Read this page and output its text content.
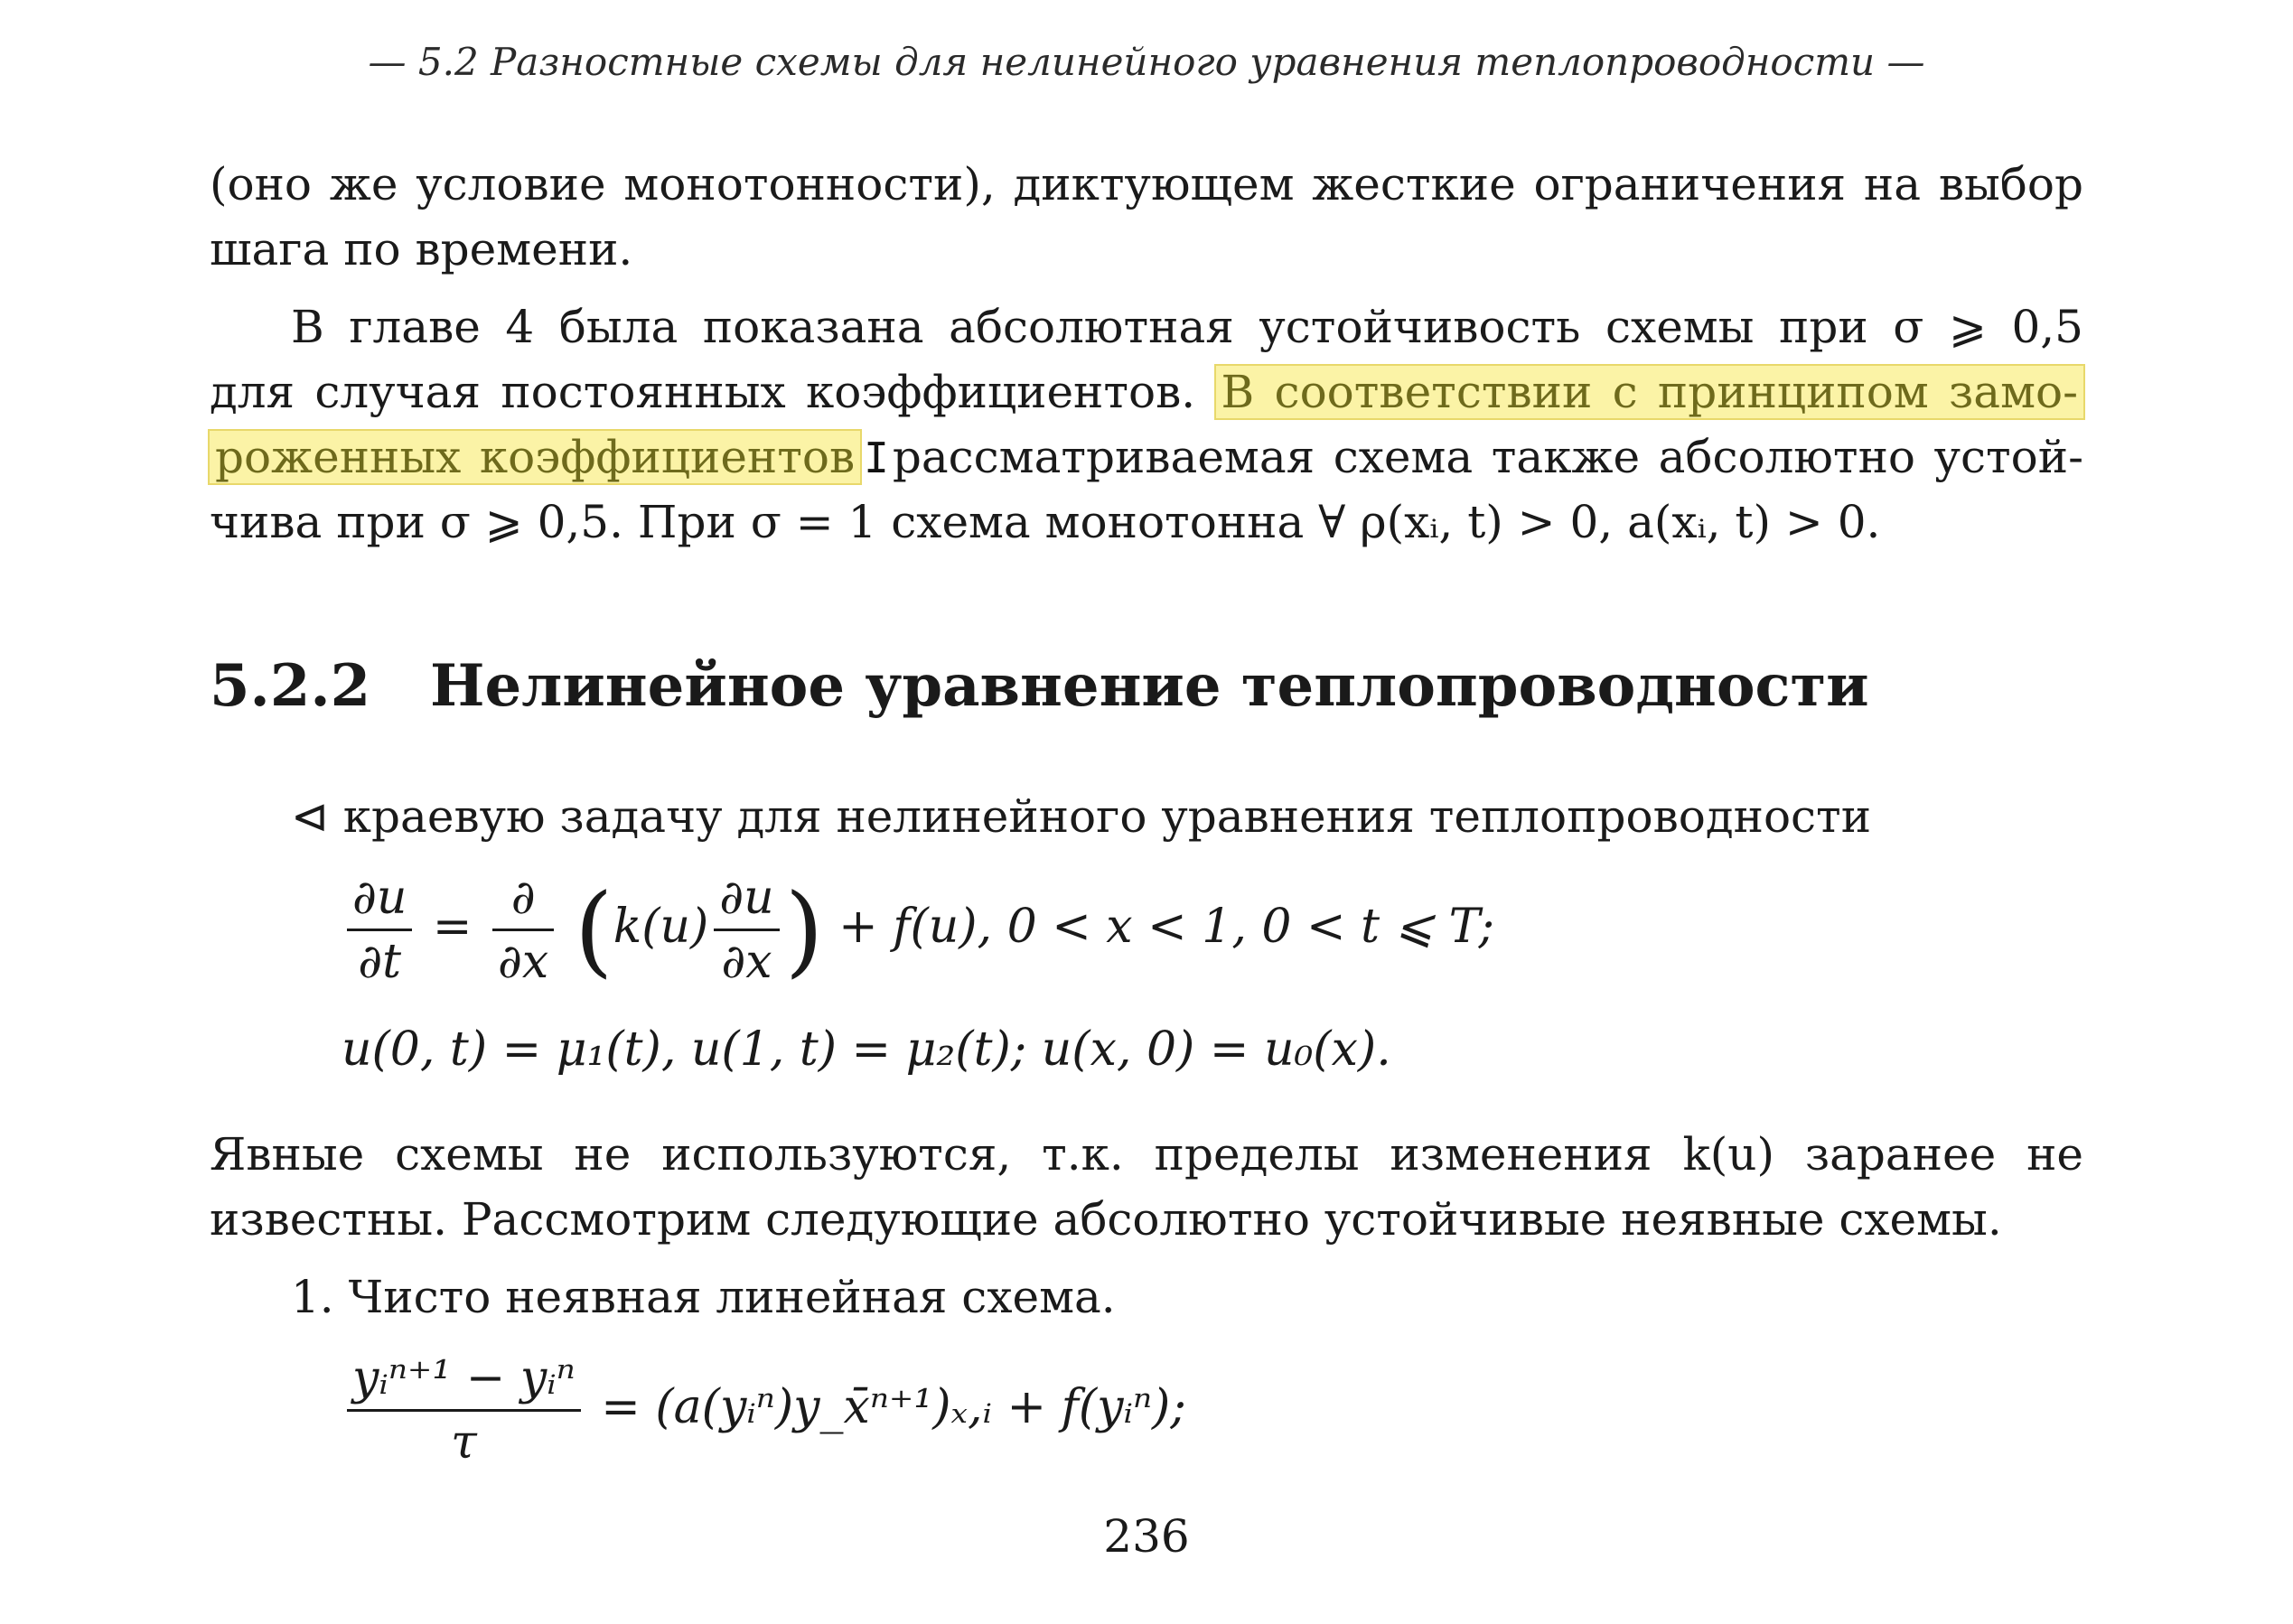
— 5.2 Разностные схемы для нелинейного уравнения теплопроводности —
(оно же условие монотонности), диктующем жесткие ограничения на выбор
шага по времени.
В главе 4 была показана абсолютная устойчивость схемы при σ ⩾ 0,5
для случая постоянных коэффициентов. В соответствии с принципом замо-
роженных коэффициентов Iрассматриваемая схема также абсолютно устой-
чива при σ ⩾ 0,5. При σ = 1 схема монотонна ∀ ρ(xᵢ, t) > 0, a(xᵢ, t) > 0.
5.2.2 Нелинейное уравнение теплопроводности
⊲ краевую задачу для нелинейного уравнения теплопроводности
$\frac{\partial u}{\partial t} = \frac{\partial}{\partial x} (k(u) \frac{\partial u}{\partial x}$ ) + f(u), 0 < x < 1, 0 < t ⩽ T;
u(0, t) = μ₁(t), u(1, t) = μ₂(t); u(x, 0) = u₀(x).
Явные схемы не используются, т.к. пределы изменения k(u) заранее не
известны. Рассмотрим следующие абсолютно устойчивые неявные схемы.
1. Чисто неявная линейная схема.
$\frac{\text{yᵢⁿ⁺¹ − yᵢⁿ}}{\tau}$ = (a(yᵢⁿ)y_x̄ⁿ⁺¹)ₓ,ᵢ + f(yᵢⁿ);
236
